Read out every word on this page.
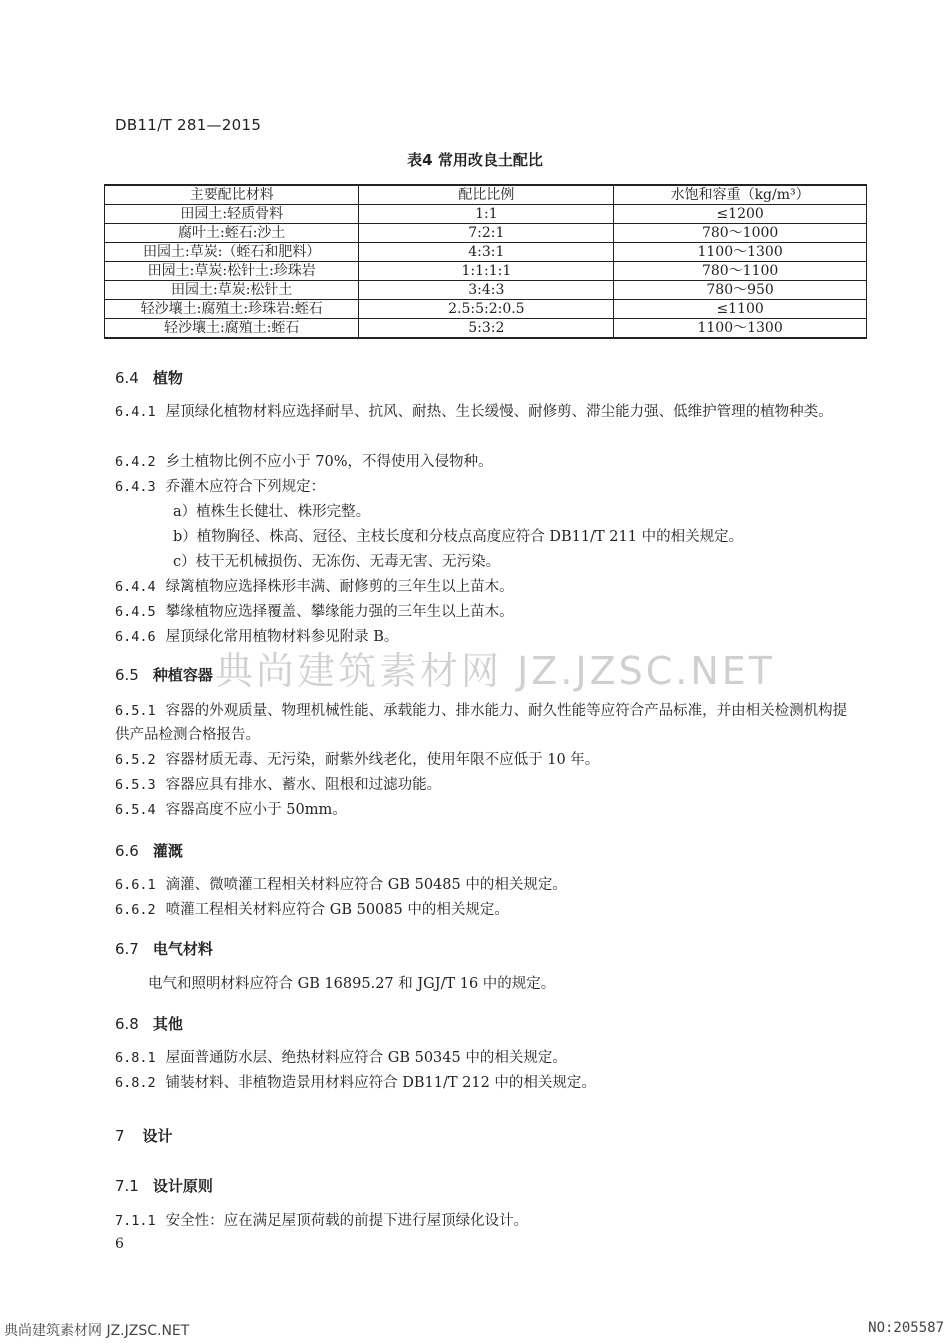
DB11/T 281—2015
表4 常用改良土配比
主要配比材料	配比比例	水饱和容重（kg/m³）
田园土:轻质骨料	1:1	≤1200
腐叶土:蛭石:沙土	7:2:1	780～1000
田园土:草炭:（蛭石和肥料）	4:3:1	1100～1300
田园土:草炭:松针土:珍珠岩	1:1:1:1	780～1100
田园土:草炭:松针土	3:4:3	780～950
轻沙壤土:腐殖土:珍珠岩:蛭石	2.5:5:2:0.5	≤1100
轻沙壤土:腐殖土:蛭石	5:3:2	1100～1300
6.4 植物
6.4.1 屋顶绿化植物材料应选择耐旱、抗风、耐热、生长缓慢、耐修剪、滞尘能力强、低维护管理的植物种类。
6.4.2 乡土植物比例不应小于 70%，不得使用入侵物种。
6.4.3 乔灌木应符合下列规定：
a）植株生长健壮、株形完整。
b）植物胸径、株高、冠径、主枝长度和分枝点高度应符合 DB11/T 211 中的相关规定。
c）枝干无机械损伤、无冻伤、无毒无害、无污染。
6.4.4 绿篱植物应选择株形丰满、耐修剪的三年生以上苗木。
6.4.5 攀缘植物应选择覆盖、攀缘能力强的三年生以上苗木。
6.4.6 屋顶绿化常用植物材料参见附录 B。
6.5 种植容器
6.5.1 容器的外观质量、物理机械性能、承载能力、排水能力、耐久性能等应符合产品标准，并由相关检测机构提供产品检测合格报告。
6.5.2 容器材质无毒、无污染，耐紫外线老化，使用年限不应低于 10 年。
6.5.3 容器应具有排水、蓄水、阻根和过滤功能。
6.5.4 容器高度不应小于 50mm。
6.6 灌溉
6.6.1 滴灌、微喷灌工程相关材料应符合 GB 50485 中的相关规定。
6.6.2 喷灌工程相关材料应符合 GB 50085 中的相关规定。
6.7 电气材料
电气和照明材料应符合 GB 16895.27 和 JGJ/T 16 中的规定。
6.8 其他
6.8.1 屋面普通防水层、绝热材料应符合 GB 50345 中的相关规定。
6.8.2 铺装材料、非植物造景用材料应符合 DB11/T 212 中的相关规定。
7 设计
7.1 设计原则
7.1.1 安全性：应在满足屋顶荷载的前提下进行屋顶绿化设计。
6
典尚建筑素材网 JZ.JZSC.NET
典尚建筑素材网 JZ.JZSC.NET	NO:205587
